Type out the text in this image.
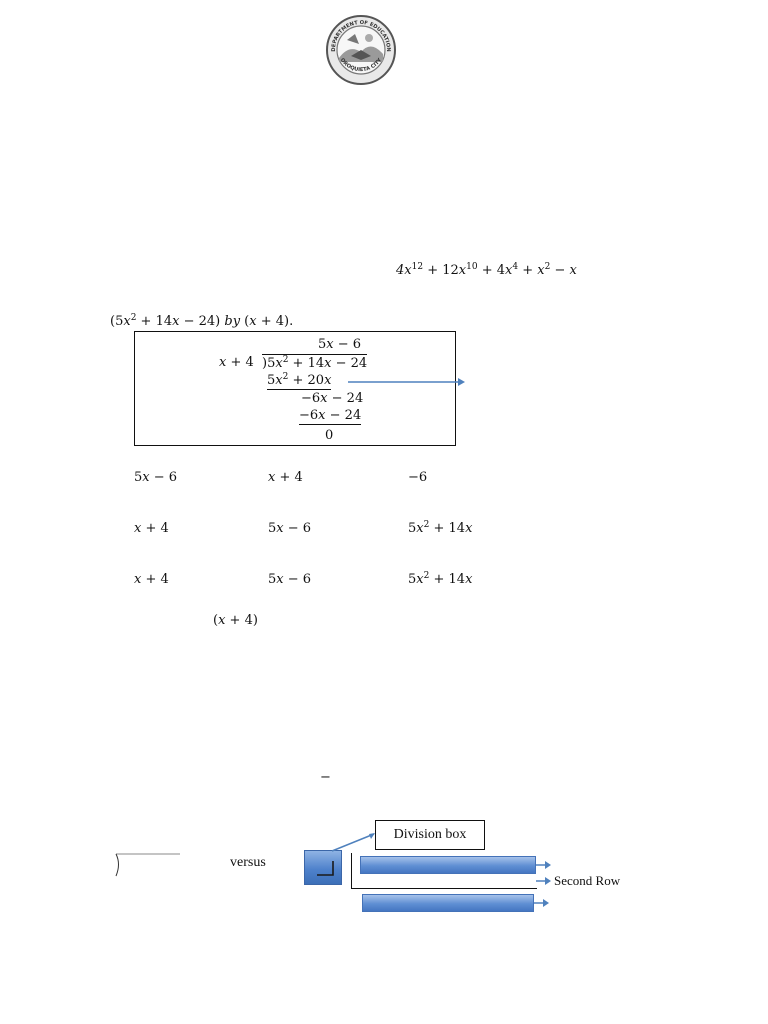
DEPARTMENT OF EDUCATION
OROQUIETA CITY
$4x^{12} + 12x^{10} + 4x^4 + x^2 - x$
$(5x^2 + 14x - 24)$ by (x + 4).
5x − 6
x + 4 )$5x^2 + 14x - 24$
$5x^2 + 20x$
−6x − 24
−6x − 24
0
5x − 6	x + 4	−6
x + 4	5x − 6	$5x^2 + 14x$
x + 4	5x − 6	$5x^2 + 14x$
(x + 4)
−
versus
Division box
Second Row
